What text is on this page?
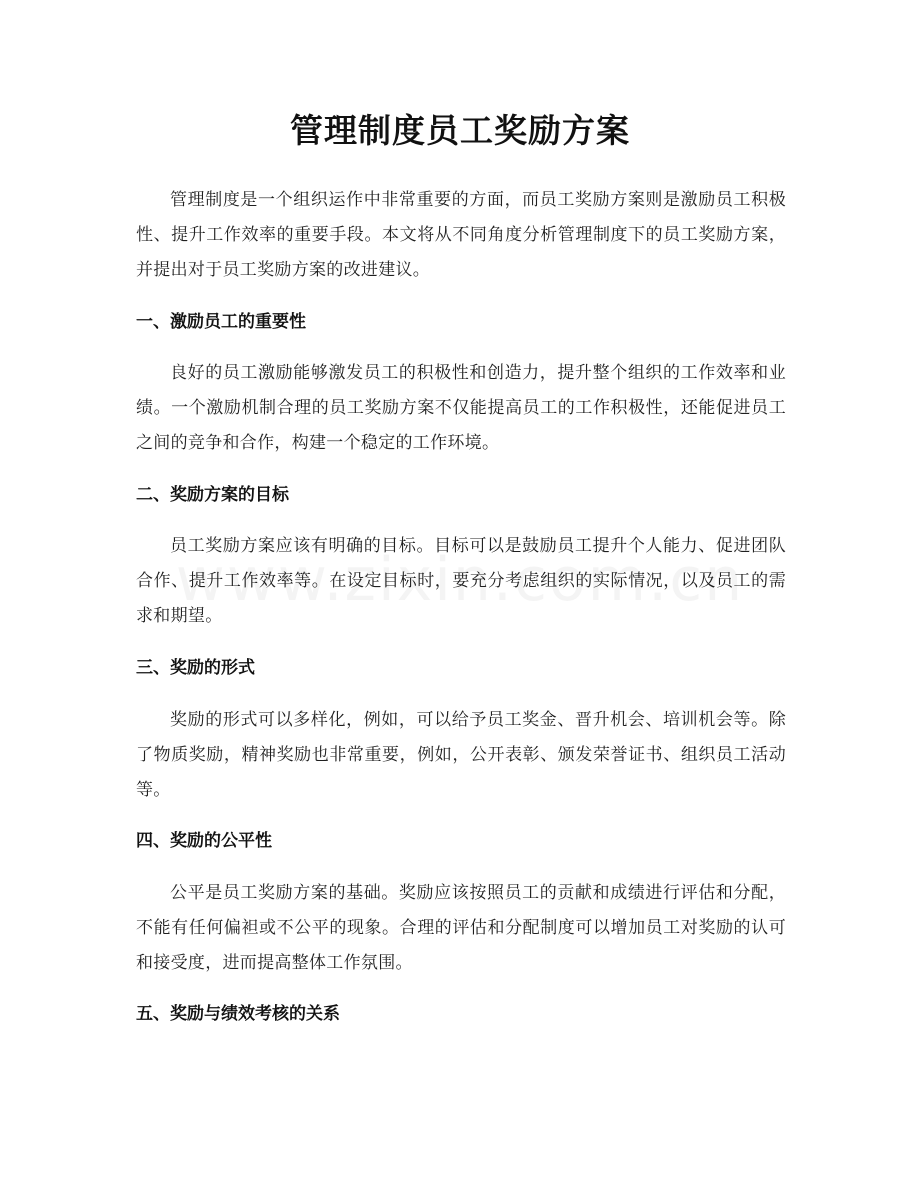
管理制度员工奖励方案

管理制度是一个组织运作中非常重要的方面，而员工奖励方案则是激励员工积极性、提升工作效率的重要手段。本文将从不同角度分析管理制度下的员工奖励方案，并提出对于员工奖励方案的改进建议。

一、激励员工的重要性

良好的员工激励能够激发员工的积极性和创造力，提升整个组织的工作效率和业绩。一个激励机制合理的员工奖励方案不仅能提高员工的工作积极性，还能促进员工之间的竞争和合作，构建一个稳定的工作环境。

二、奖励方案的目标

员工奖励方案应该有明确的目标。目标可以是鼓励员工提升个人能力、促进团队合作、提升工作效率等。在设定目标时，要充分考虑组织的实际情况，以及员工的需求和期望。

三、奖励的形式

奖励的形式可以多样化，例如，可以给予员工奖金、晋升机会、培训机会等。除了物质奖励，精神奖励也非常重要，例如，公开表彰、颁发荣誉证书、组织员工活动等。

四、奖励的公平性

公平是员工奖励方案的基础。奖励应该按照员工的贡献和成绩进行评估和分配，不能有任何偏袒或不公平的现象。合理的评估和分配制度可以增加员工对奖励的认可和接受度，进而提高整体工作氛围。

五、奖励与绩效考核的关系
